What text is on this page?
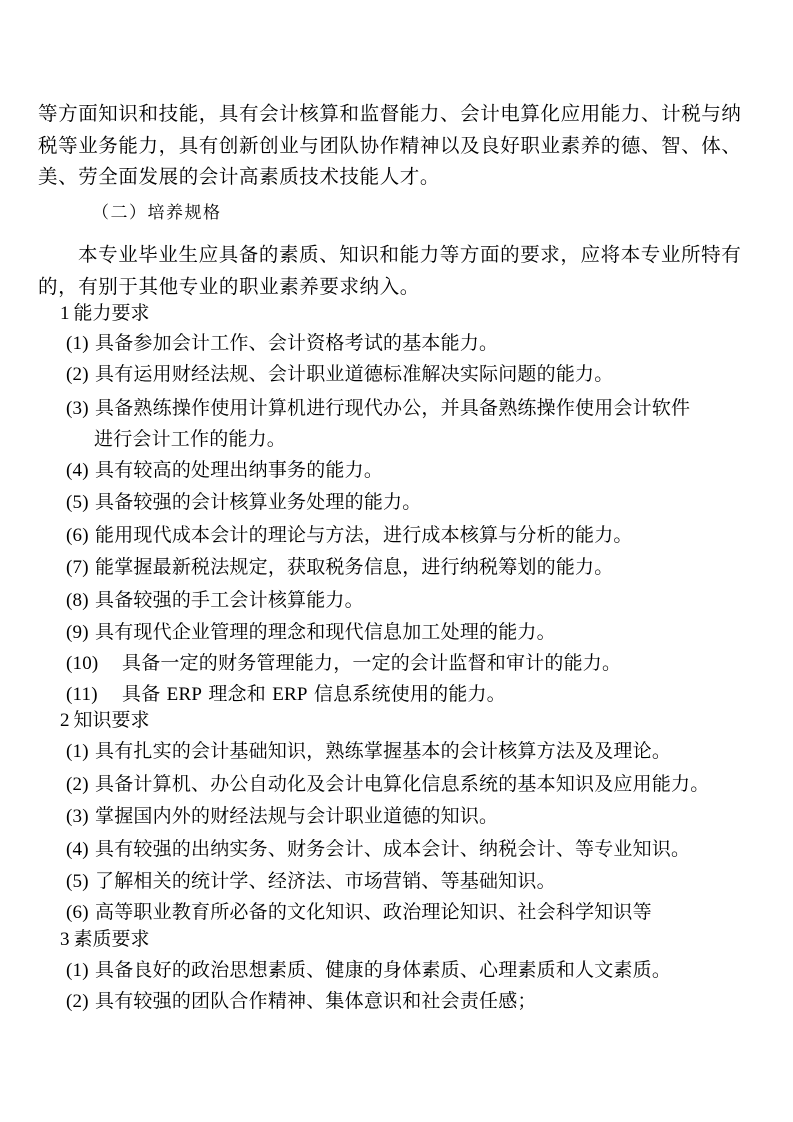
等方面知识和技能，具有会计核算和监督能力、会计电算化应用能力、计税与纳税等业务能力，具有创新创业与团队协作精神以及良好职业素养的德、智、体、美、劳全面发展的会计高素质技术技能人才。
（二）培养规格
本专业毕业生应具备的素质、知识和能力等方面的要求，应将本专业所特有的，有别于其他专业的职业素养要求纳入。
1 能力要求
(1) 具备参加会计工作、会计资格考试的基本能力。
(2) 具有运用财经法规、会计职业道德标准解决实际问题的能力。
(3) 具备熟练操作使用计算机进行现代办公，并具备熟练操作使用会计软件
进行会计工作的能力。
(4) 具有较高的处理出纳事务的能力。
(5) 具备较强的会计核算业务处理的能力。
(6) 能用现代成本会计的理论与方法，进行成本核算与分析的能力。
(7) 能掌握最新税法规定，获取税务信息，进行纳税筹划的能力。
(8) 具备较强的手工会计核算能力。
(9) 具有现代企业管理的理念和现代信息加工处理的能力。
(10) 具备一定的财务管理能力，一定的会计监督和审计的能力。
(11) 具备 ERP 理念和 ERP 信息系统使用的能力。
2 知识要求
(1) 具有扎实的会计基础知识，熟练掌握基本的会计核算方法及及理论。
(2) 具备计算机、办公自动化及会计电算化信息系统的基本知识及应用能力。
(3) 掌握国内外的财经法规与会计职业道德的知识。
(4) 具有较强的出纳实务、财务会计、成本会计、纳税会计、等专业知识。
(5) 了解相关的统计学、经济法、市场营销、等基础知识。
(6) 高等职业教育所必备的文化知识、政治理论知识、社会科学知识等
3 素质要求
(1) 具备良好的政治思想素质、健康的身体素质、心理素质和人文素质。
(2) 具有较强的团队合作精神、集体意识和社会责任感；
